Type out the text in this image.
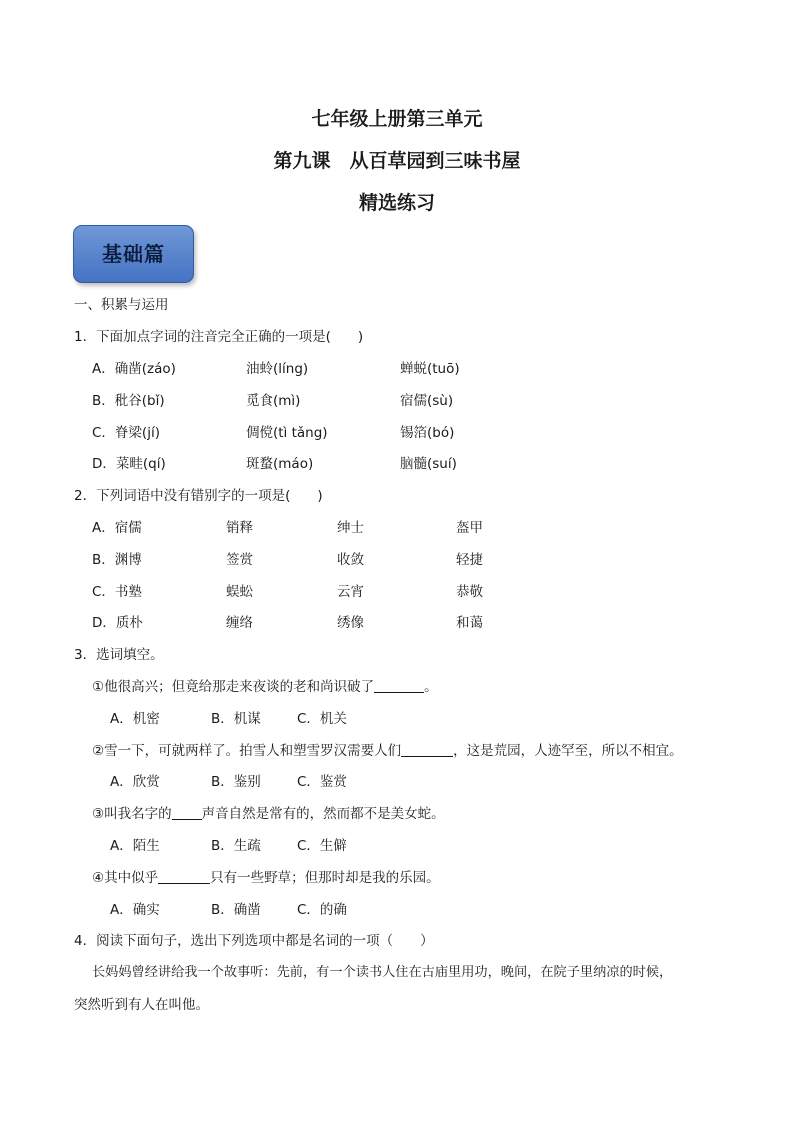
七年级上册第三单元
第九课　从百草园到三味书屋
精选练习
基础篇
一、积累与运用
1．下面加点字词的注音完全正确的一项是(　　)
A．确凿(záo)	油蛉(líng)	蝉蜕(tuō)
B．秕谷(bǐ)	觅食(mì)	宿儒(sù)
C．脊梁(jí)	倜傥(tì tǎng)	锡箔(bó)
D．菜畦(qí)	斑蝥(máo)	脑髓(suí)
2．下列词语中没有错别字的一项是(　　)
A．宿儒	销释	绅士	盔甲
B．渊博	签赏	收敛	轻捷
C．书塾	蜈蚣	云宵	恭敬
D．质朴	缠络	绣像	和蔼
3．选词填空。
①他很高兴；但竟给那走来夜谈的老和尚识破了	。
A．机密	B．机谋	C．机关
②雪一下，可就两样了。拍雪人和塑雪罗汉需要人们	，这是荒园，人迹罕至，所以不相宜。
A．欣赏	B．鉴别	C．鉴赏
③叫我名字的 声音自然是常有的，然而都不是美女蛇。
A．陌生	B．生疏	C．生僻
④其中似乎	只有一些野草；但那时却是我的乐园。
A．确实	B．确凿	C．的确
4．阅读下面句子，选出下列选项中都是名词的一项（　　）
长妈妈曾经讲给我一个故事听：先前，有一个读书人住在古庙里用功，晚间，在院子里纳凉的时候，
突然听到有人在叫他。
